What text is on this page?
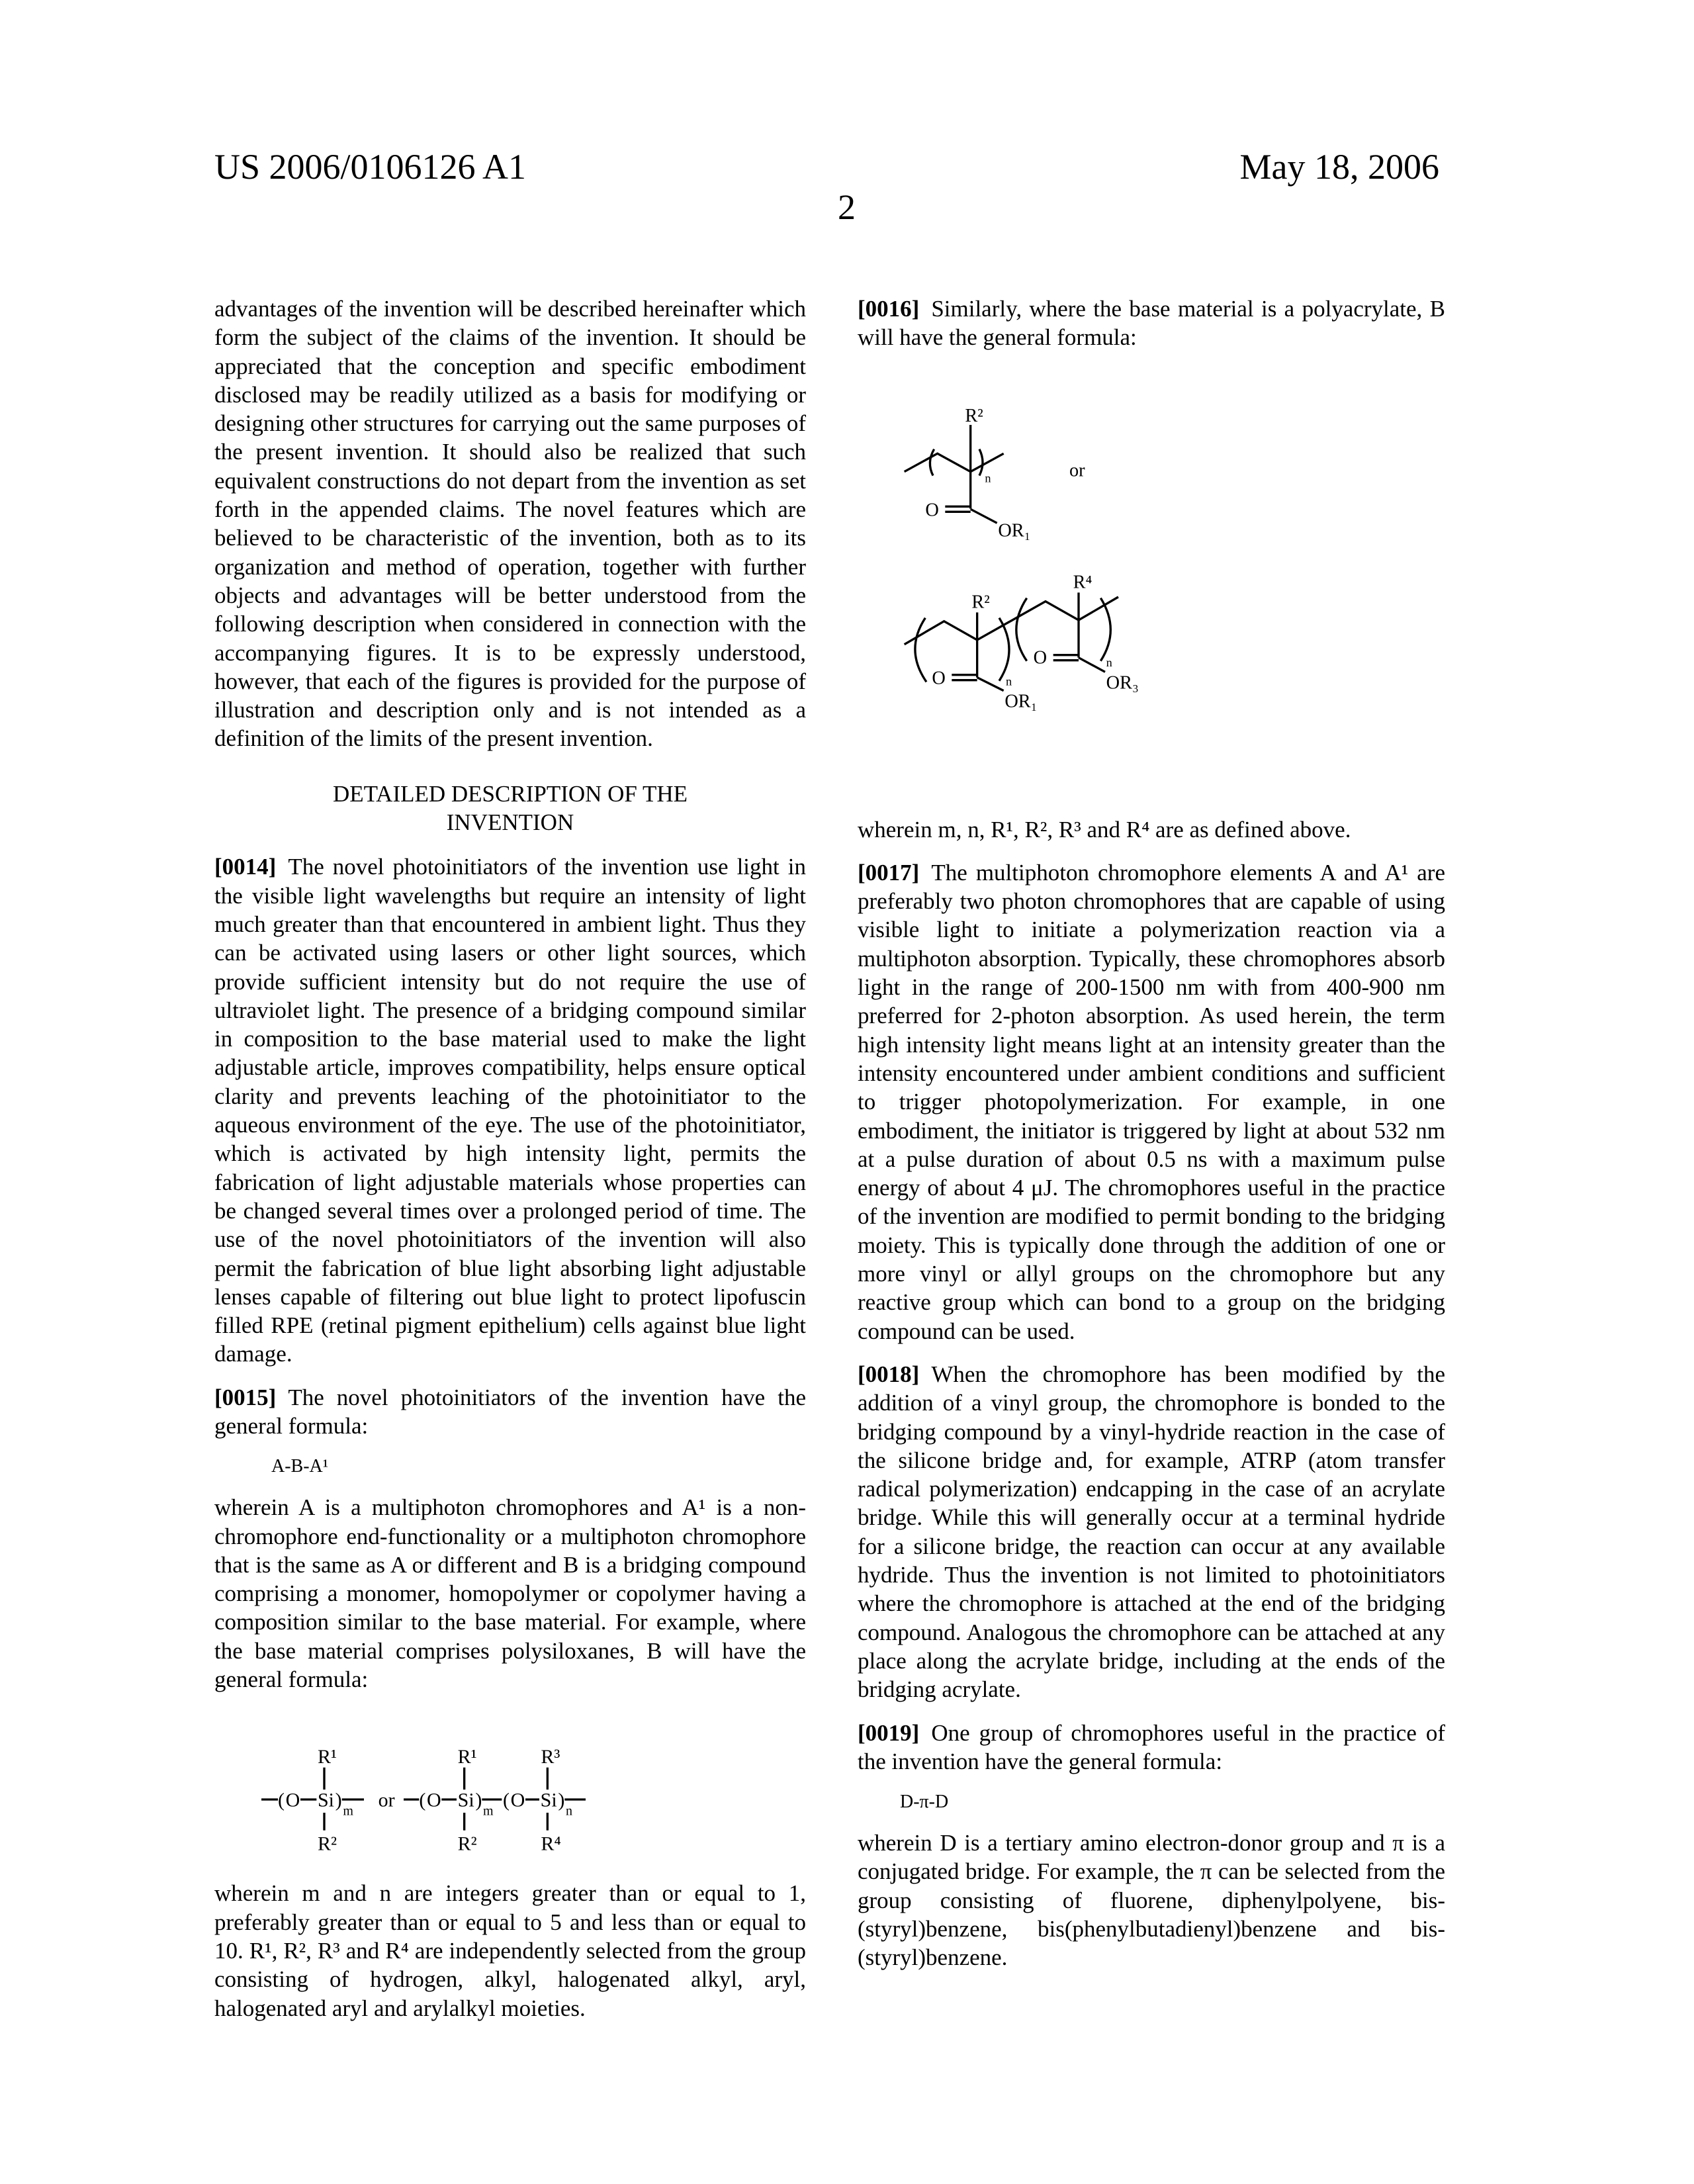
US 2006/0106126 A1	May 18, 2006
2

advantages of the invention will be described hereinafter which form the subject of the claims of the invention. It should be appreciated that the conception and specific embodiment disclosed may be readily utilized as a basis for modifying or designing other structures for carrying out the same purposes of the present invention. It should also be realized that such equivalent constructions do not depart from the invention as set forth in the appended claims. The novel features which are believed to be characteristic of the invention, both as to its organization and method of operation, together with further objects and advantages will be better understood from the following description when considered in connection with the accompanying figures. It is to be expressly understood, however, that each of the figures is provided for the purpose of illustration and description only and is not intended as a definition of the limits of the present invention.

DETAILED DESCRIPTION OF THE
INVENTION

[0014] The novel photoinitiators of the invention use light in the visible light wavelengths but require an intensity of light much greater than that encountered in ambient light. Thus they can be activated using lasers or other light sources, which provide sufficient intensity but do not require the use of ultraviolet light. The presence of a bridging compound similar in composition to the base material used to make the light adjustable article, improves compatibility, helps ensure optical clarity and prevents leaching of the photoinitiator to the aqueous environment of the eye. The use of the photoinitiator, which is activated by high intensity light, permits the fabrication of light adjustable materials whose properties can be changed several times over a prolonged period of time. The use of the novel photoinitiators of the invention will also permit the fabrication of blue light absorbing light adjustable lenses capable of filtering out blue light to protect lipofuscin filled RPE (retinal pigment epithelium) cells against blue light damage.

[0015] The novel photoinitiators of the invention have the general formula:

A-B-A¹

wherein A is a multiphoton chromophores and A¹ is a non-chromophore end-functionality or a multiphoton chromophore that is the same as A or different and B is a bridging compound comprising a monomer, homopolymer or copolymer having a composition similar to the base material. For example, where the base material comprises polysiloxanes, B will have the general formula:

( O Si ) m
R¹
R²
or ( O Si ) m
R¹
R²
( O Si ) n
R³
R⁴

wherein m and n are integers greater than or equal to 1, preferably greater than or equal to 5 and less than or equal to 10. R¹, R², R³ and R⁴ are independently selected from the group consisting of hydrogen, alkyl, halogenated alkyl, aryl, halogenated aryl and arylalkyl moieties.

[0016] Similarly, where the base material is a polyacrylate, B will have the general formula:

n
R²
O
OR₁
or
R²
O n
OR₁
R⁴
O n
OR₃

wherein m, n, R¹, R², R³ and R⁴ are as defined above.

[0017] The multiphoton chromophore elements A and A¹ are preferably two photon chromophores that are capable of using visible light to initiate a polymerization reaction via a multiphoton absorption. Typically, these chromophores absorb light in the range of 200-1500 nm with from 400-900 nm preferred for 2-photon absorption. As used herein, the term high intensity light means light at an intensity greater than the intensity encountered under ambient conditions and sufficient to trigger photopolymerization. For example, in one embodiment, the initiator is triggered by light at about 532 nm at a pulse duration of about 0.5 ns with a maximum pulse energy of about 4 μJ. The chromophores useful in the practice of the invention are modified to permit bonding to the bridging moiety. This is typically done through the addition of one or more vinyl or allyl groups on the chromophore but any reactive group which can bond to a group on the bridging compound can be used.

[0018] When the chromophore has been modified by the addition of a vinyl group, the chromophore is bonded to the bridging compound by a vinyl-hydride reaction in the case of the silicone bridge and, for example, ATRP (atom transfer radical polymerization) endcapping in the case of an acrylate bridge. While this will generally occur at a terminal hydride for a silicone bridge, the reaction can occur at any available hydride. Thus the invention is not limited to photoinitiators where the chromophore is attached at the end of the bridging compound. Analogous the chromophore can be attached at any place along the acrylate bridge, including at the ends of the bridging acrylate.

[0019] One group of chromophores useful in the practice of the invention have the general formula:

D-π-D

wherein D is a tertiary amino electron-donor group and π is a conjugated bridge. For example, the π can be selected from the group consisting of fluorene, diphenylpolyene, bis-(styryl)benzene, bis(phenylbutadienyl)benzene and bis-(styryl)benzene.
